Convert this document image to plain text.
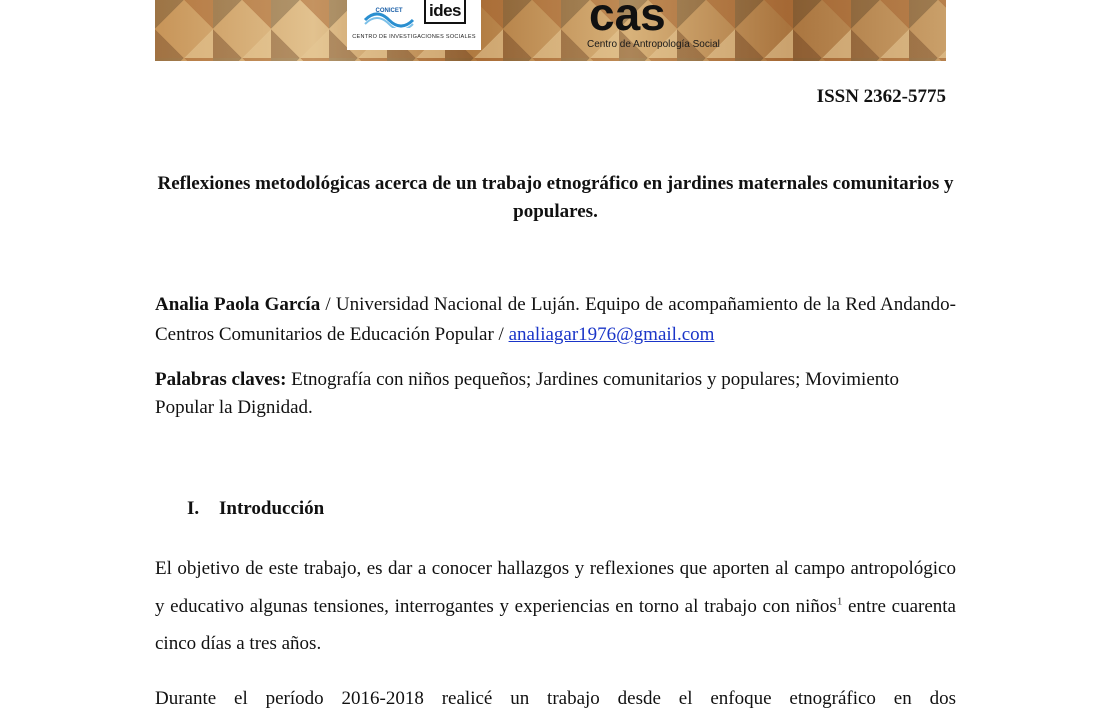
CONICET ides
CENTRO DE INVESTIGACIONES SOCIALES cas
Centro de Antropología Social
ISSN 2362-5775
Reflexiones metodológicas acerca de un trabajo etnográfico en jardines maternales comunitarios y populares.
Analia Paola García / Universidad Nacional de Luján. Equipo de acompañamiento de la Red Andando- Centros Comunitarios de Educación Popular / analiagar1976@gmail.com
Palabras claves: Etnografía con niños pequeños; Jardines comunitarios y populares; Movimiento Popular la Dignidad.
I. Introducción
El objetivo de este trabajo, es dar a conocer hallazgos y reflexiones que aporten al campo antropológico y educativo algunas tensiones, interrogantes y experiencias en torno al trabajo con niños$^1$ entre cuarenta cinco días a tres años.
Durante el período 2016-2018 realicé un trabajo desde el enfoque etnográfico en dos
